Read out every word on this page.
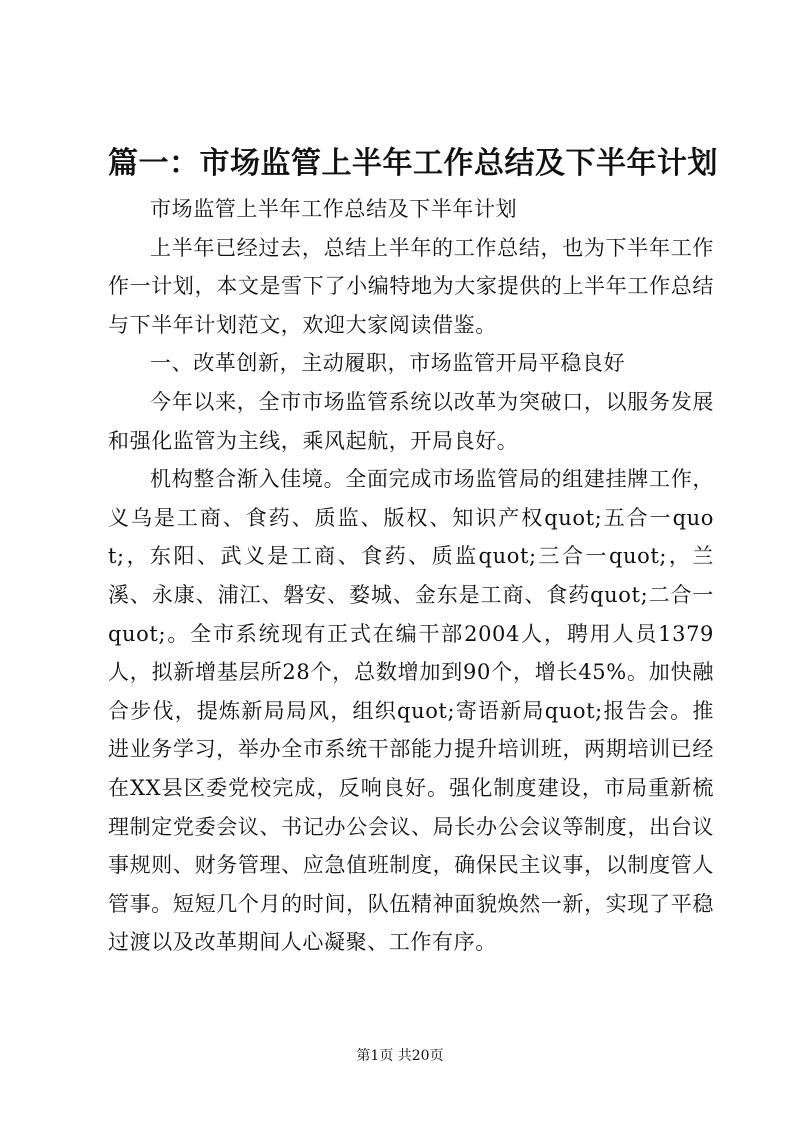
篇一：市场监管上半年工作总结及下半年计划

市场监管上半年工作总结及下半年计划

上半年已经过去，总结上半年的工作总结，也为下半年工作作一计划，本文是雪下了小编特地为大家提供的上半年工作总结与下半年计划范文，欢迎大家阅读借鉴。

一、改革创新，主动履职，市场监管开局平稳良好

今年以来，全市市场监管系统以改革为突破口，以服务发展和强化监管为主线，乘风起航，开局良好。

机构整合渐入佳境。全面完成市场监管局的组建挂牌工作，义乌是工商、食药、质监、版权、知识产权quot;五合一quot;，东阳、武义是工商、食药、质监quot;三合一quot;，兰溪、永康、浦江、磐安、婺城、金东是工商、食药quot;二合一quot;。全市系统现有正式在编干部2004人，聘用人员1379人，拟新增基层所28个，总数增加到90个，增长45%。加快融合步伐，提炼新局局风，组织quot;寄语新局quot;报告会。推进业务学习，举办全市系统干部能力提升培训班，两期培训已经在XX县区委党校完成，反响良好。强化制度建设，市局重新梳理制定党委会议、书记办公会议、局长办公会议等制度，出台议事规则、财务管理、应急值班制度，确保民主议事，以制度管人管事。短短几个月的时间，队伍精神面貌焕然一新，实现了平稳过渡以及改革期间人心凝聚、工作有序。

第1页 共20页
